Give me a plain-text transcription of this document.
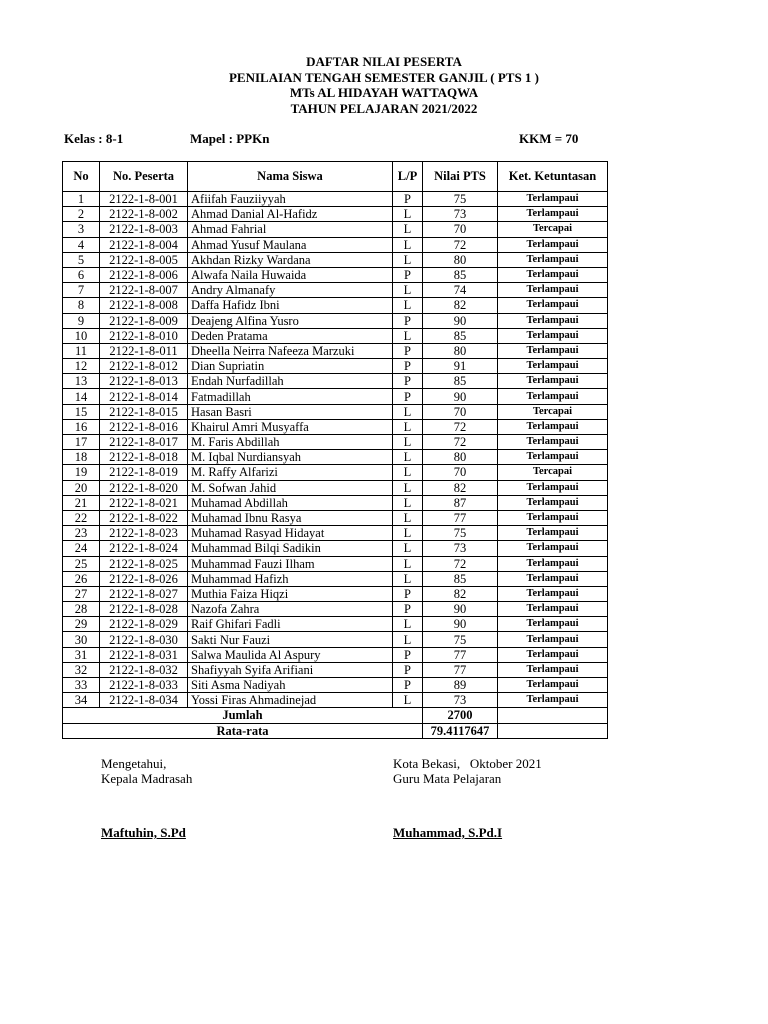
DAFTAR NILAI PESERTA
PENILAIAN TENGAH SEMESTER GANJIL ( PTS 1 )
MTs AL HIDAYAH WATTAQWA
TAHUN PELAJARAN 2021/2022
Kelas : 8-1	Mapel : PPKn	KKM = 70
No	No. Peserta	Nama Siswa	L/P	Nilai PTS	Ket. Ketuntasan
1	2122-1-8-001	Afiifah Fauziiyyah	P	75	Terlampaui
2	2122-1-8-002	Ahmad Danial Al-Hafidz	L	73	Terlampaui
3	2122-1-8-003	Ahmad Fahrial	L	70	Tercapai
4	2122-1-8-004	Ahmad Yusuf Maulana	L	72	Terlampaui
5	2122-1-8-005	Akhdan Rizky Wardana	L	80	Terlampaui
6	2122-1-8-006	Alwafa Naila Huwaida	P	85	Terlampaui
7	2122-1-8-007	Andry Almanafy	L	74	Terlampaui
8	2122-1-8-008	Daffa Hafidz Ibni	L	82	Terlampaui
9	2122-1-8-009	Deajeng Alfina Yusro	P	90	Terlampaui
10	2122-1-8-010	Deden Pratama	L	85	Terlampaui
11	2122-1-8-011	Dheella Neirra Nafeeza Marzuki	P	80	Terlampaui
12	2122-1-8-012	Dian Supriatin	P	91	Terlampaui
13	2122-1-8-013	Endah Nurfadillah	P	85	Terlampaui
14	2122-1-8-014	Fatmadillah	P	90	Terlampaui
15	2122-1-8-015	Hasan Basri	L	70	Tercapai
16	2122-1-8-016	Khairul Amri Musyaffa	L	72	Terlampaui
17	2122-1-8-017	M. Faris Abdillah	L	72	Terlampaui
18	2122-1-8-018	M. Iqbal Nurdiansyah	L	80	Terlampaui
19	2122-1-8-019	M. Raffy Alfarizi	L	70	Tercapai
20	2122-1-8-020	M. Sofwan Jahid	L	82	Terlampaui
21	2122-1-8-021	Muhamad Abdillah	L	87	Terlampaui
22	2122-1-8-022	Muhamad Ibnu Rasya	L	77	Terlampaui
23	2122-1-8-023	Muhamad Rasyad Hidayat	L	75	Terlampaui
24	2122-1-8-024	Muhammad Bilqi Sadikin	L	73	Terlampaui
25	2122-1-8-025	Muhammad Fauzi Ilham	L	72	Terlampaui
26	2122-1-8-026	Muhammad Hafizh	L	85	Terlampaui
27	2122-1-8-027	Muthia Faiza Hiqzi	P	82	Terlampaui
28	2122-1-8-028	Nazofa Zahra	P	90	Terlampaui
29	2122-1-8-029	Raif Ghifari Fadli	L	90	Terlampaui
30	2122-1-8-030	Sakti Nur Fauzi	L	75	Terlampaui
31	2122-1-8-031	Salwa Maulida Al Aspury	P	77	Terlampaui
32	2122-1-8-032	Shafiyyah Syifa Arifiani	P	77	Terlampaui
33	2122-1-8-033	Siti Asma Nadiyah	P	89	Terlampaui
34	2122-1-8-034	Yossi Firas Ahmadinejad	L	73	Terlampaui
Jumlah				2700	
Rata-rata				79.4117647	
Mengetahui,
Kepala Madrasah
Maftuhin, S.Pd
Kota Bekasi,   Oktober 2021
Guru Mata Pelajaran
Muhammad, S.Pd.I
